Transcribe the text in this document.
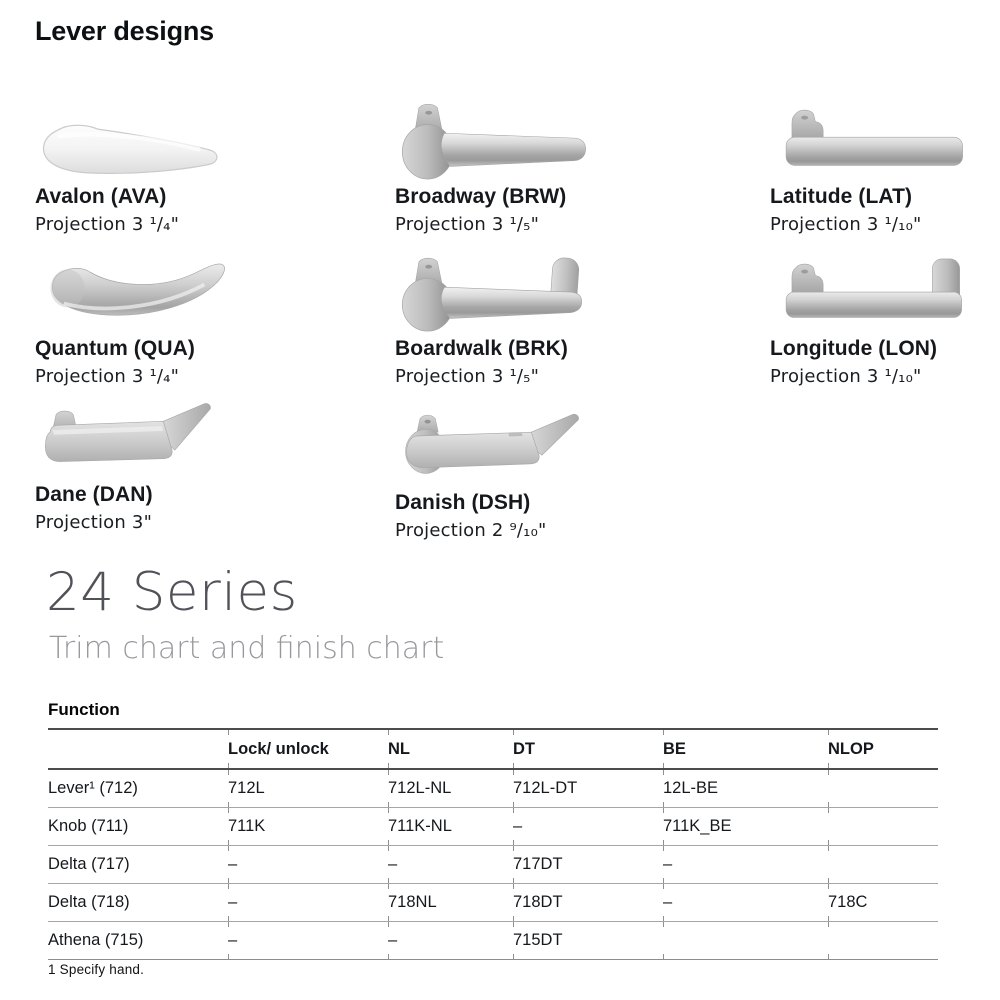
Lever designs
Avalon (AVA)
Projection 3 ¹/₄"
Broadway (BRW)
Projection 3 ¹/₅"
Latitude (LAT)
Projection 3 ¹/₁₀"
Quantum (QUA)
Projection 3 ¹/₄"
Boardwalk (BRK)
Projection 3 ¹/₅"
Longitude (LON)
Projection 3 ¹/₁₀"
Dane (DAN)
Projection 3"
Danish (DSH)
Projection 2 ⁹/₁₀"
24 Series
Trim chart and finish chart
Function
	Lock/ unlock	NL	DT	BE	NLOP
Lever¹ (712)	712L	712L-NL	712L-DT	12L-BE	
Knob (711)	711K	711K-NL	–	711K_BE	
Delta (717)	–	–	717DT	–	
Delta (718)	–	718NL	718DT	–	718C
Athena (715)	–	–	715DT		
1 Specify hand.
